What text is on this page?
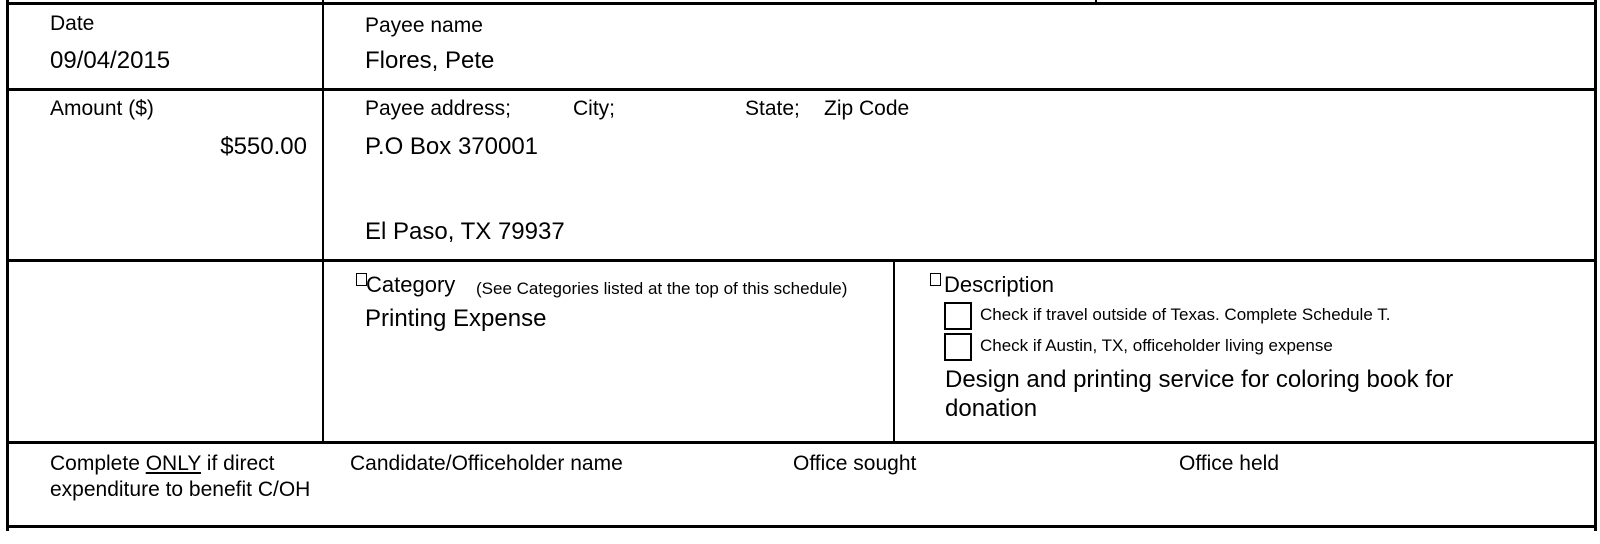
Date
09/04/2015
Payee name
Flores, Pete
Amount ($)
$550.00
Payee address;	City;	State; Zip Code
P.O Box 370001
El Paso, TX 79937
Category (See Categories listed at the top of this schedule)
Printing Expense
Description
Check if travel outside of Texas. Complete Schedule T.
Check if Austin, TX, officeholder living expense
Design and printing service for coloring book for
donation
Complete ONLY if direct
expenditure to benefit C/OH
Candidate/Officeholder name	Office sought	Office held
